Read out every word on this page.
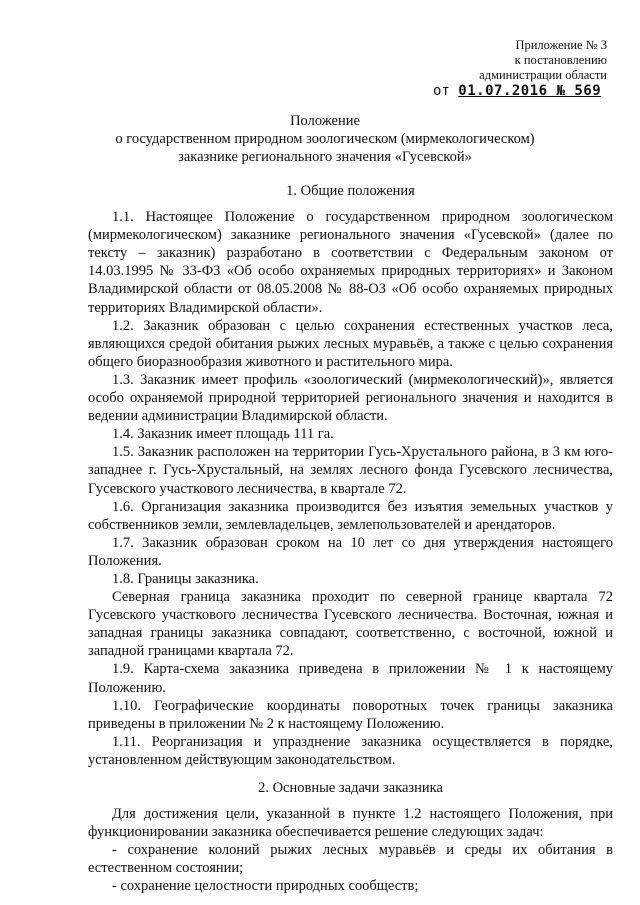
Приложение № 3
к постановлению
администрации области
от 01.07.2016 № 569
Положение
о государственном природном зоологическом (мирмекологическом)
заказнике регионального значения «Гусевской»
1. Общие положения

1.1. Настоящее Положение о государственном природном зоологическом (мирмекологическом) заказнике регионального значения «Гусевской» (далее по тексту – заказник) разработано в соответствии с Федеральным законом от 14.03.1995 № 33-ФЗ «Об особо охраняемых природных территориях» и Законом Владимирской области от 08.05.2008 № 88-ОЗ «Об особо охраняемых природных территориях Владимирской области».

1.2. Заказник образован с целью сохранения естественных участков леса, являющихся средой обитания рыжих лесных муравьёв, а также с целью сохранения общего биоразнообразия животного и растительного мира.

1.3. Заказник имеет профиль «зоологический (мирмекологический)», является особо охраняемой природной территорией регионального значения и находится в ведении администрации Владимирской области.

1.4. Заказник имеет площадь 111 га.

1.5. Заказник расположен на территории Гусь-Хрустального района, в 3 км юго-западнее г. Гусь-Хрустальный, на землях лесного фонда Гусевского лесничества, Гусевского участкового лесничества, в квартале 72.

1.6. Организация заказника производится без изъятия земельных участков у собственников земли, землевладельцев, землепользователей и арендаторов.

1.7. Заказник образован сроком на 10 лет со дня утверждения настоящего Положения.

1.8. Границы заказника.

Северная граница заказника проходит по северной границе квартала 72 Гусевского участкового лесничества Гусевского лесничества. Восточная, южная и западная границы заказника совпадают, соответственно, с восточной, южной и западной границами квартала 72.

1.9. Карта-схема заказника приведена в приложении № 1 к настоящему Положению.

1.10. Географические координаты поворотных точек границы заказника приведены в приложении № 2 к настоящему Положению.

1.11. Реорганизация и упразднение заказника осуществляется в порядке, установленном действующим законодательством.

2. Основные задачи заказника

Для достижения цели, указанной в пункте 1.2 настоящего Положения, при функционировании заказника обеспечивается решение следующих задач:

- сохранение колоний рыжих лесных муравьёв и среды их обитания в естественном состоянии;

- сохранение целостности природных сообществ;
